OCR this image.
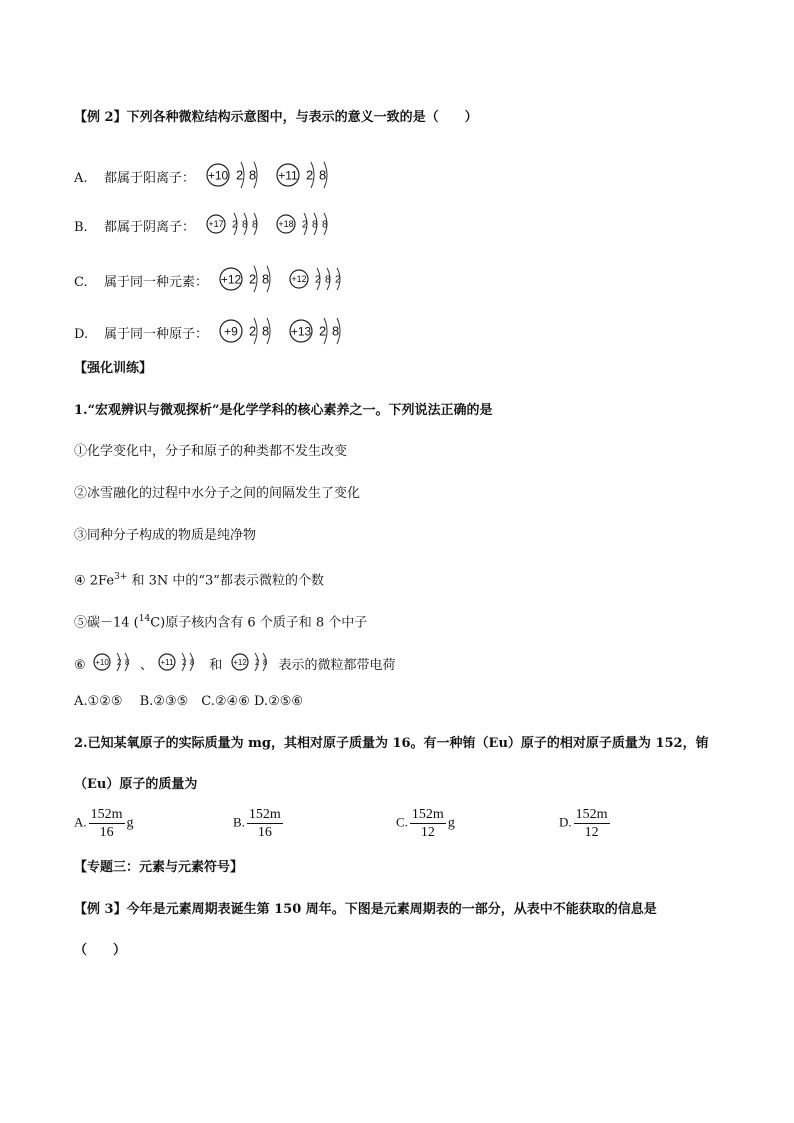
【例 2】下列各种微粒结构示意图中，与表示的意义一致的是（　　）
A. 都属于阳离子： +10 2 8
+11 2 8
B. 都属于阴离子： +17 2 8 8
+18 2 8 8
C. 属于同一种元素： +12 2 8
+12 2 8 2
D. 属于同一种原子： +9 2 8
+13 2 8
【强化训练】
1.“宏观辨识与微观探析”是化学学科的核心素养之一。下列说法正确的是
①化学变化中，分子和原子的种类都不发生改变
②冰雪融化的过程中水分子之间的间隔发生了变化
③同种分子构成的物质是纯净物
④ $2Fe^{3+}$ 和 3N 中的“3”都表示微粒的个数
⑤碳－14 ($^{14}$C)原子核内含有 6 个质子和 8 个中子
⑥ +10 2 8 、 +11 2 8 和 +12 2 8 表示的微粒都带电荷
A.①②⑤　 B.②③⑤　C.②④⑥ D.②⑤⑥
2.已知某氧原子的实际质量为 mg，其相对原子质量为 16。有一种铕（Eu）原子的相对原子质量为 152，铕
（Eu）原子的质量为
A. $\frac{152m}{16}$ g	B. $\frac{152m}{16}$	C. $\frac{152m}{12}$ g	D. $\frac{152m}{12}$
【专题三：元素与元素符号】
【例 3】今年是元素周期表诞生第 150 周年。下图是元素周期表的一部分，从表中不能获取的信息是
（　　）
